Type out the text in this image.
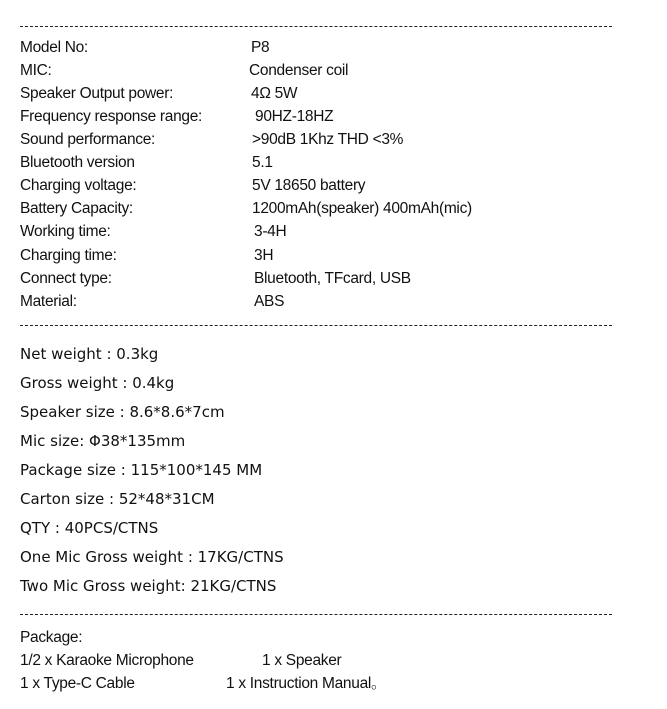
Model No:	P8
MIC:	Condenser coil
Speaker Output power:	4Ω 5W
Frequency response range:	90HZ-18HZ
Sound performance:	>90dB 1Khz THD <3%
Bluetooth version	5.1
Charging voltage:	5V 18650 battery
Battery Capacity:	1200mAh(speaker) 400mAh(mic)
Working time:	3-4H
Charging time:	3H
Connect type:	Bluetooth, TFcard, USB
Material:	ABS
Net weight : 0.3kg
Gross weight : 0.4kg
Speaker size : 8.6*8.6*7cm
Mic size: Φ38*135mm
Package size : 115*100*145 MM
Carton size : 52*48*31CM
QTY : 40PCS/CTNS
One Mic Gross weight : 17KG/CTNS
Two Mic Gross weight: 21KG/CTNS
Package:
1/2 x Karaoke Microphone	1 x Speaker
1 x Type-C Cable	1 x Instruction Manual。
